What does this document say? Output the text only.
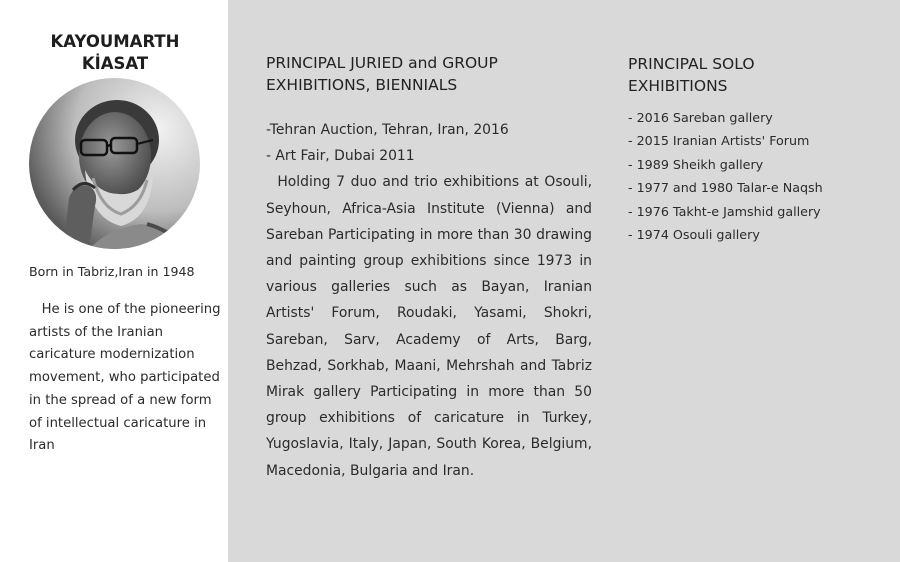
KAYOUMARTH
KİASAT
Born in Tabriz,Iran in 1948
He is one of the pioneering artists of the Iranian caricature modernization movement, who participated in the spread of a new form of intellectual caricature in Iran
PRINCIPAL JURIED and GROUP EXHIBITIONS, BIENNIALS
-Tehran Auction, Tehran, Iran, 2016
- Art Fair, Dubai 2011
Holding 7 duo and trio exhibitions at Osouli, Seyhoun, Africa-Asia Institute (Vienna) and Sareban Participating in more than 30 drawing and painting group exhibitions since 1973 in various galleries such as Bayan, Iranian Artists' Forum, Roudaki, Yasami, Shokri, Sareban, Sarv, Academy of Arts, Barg, Behzad, Sorkhab, Maani, Mehrshah and Tabriz Mirak gallery Participating in more than 50 group exhibitions of caricature in Turkey, Yugoslavia, Italy, Japan, South Korea, Belgium, Macedonia, Bulgaria and Iran.
PRINCIPAL SOLO EXHIBITIONS
- 2016 Sareban gallery
- 2015 Iranian Artists' Forum
- 1989 Sheikh gallery
- 1977 and 1980 Talar-e Naqsh
- 1976 Takht-e Jamshid gallery
- 1974 Osouli gallery
